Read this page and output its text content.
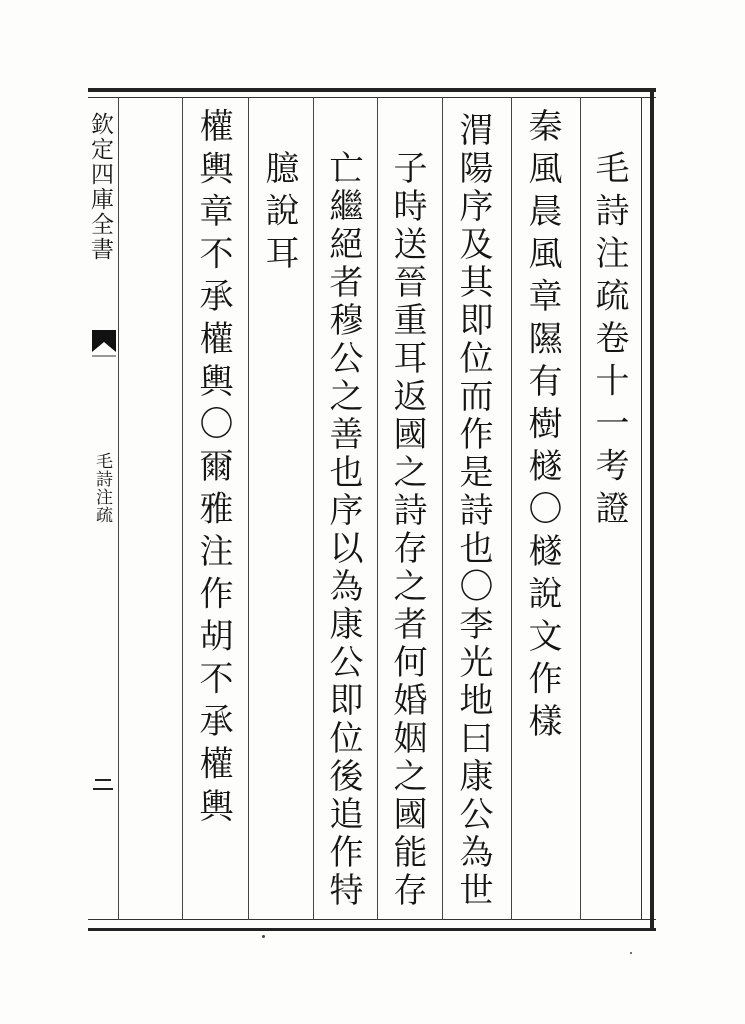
欽定四庫全書
毛詩注疏	毛詩注疏卷十一考證
秦風晨風章隰有樹檖〇檖說文作樣
渭陽序及其即位而作是詩也〇李光地曰康公為世
子時送晉重耳返國之詩存之者何婚姻之國能存
亡繼絕者穆公之善也序以為康公即位後追作特
臆說耳
權輿章不承權輿〇爾雅注作胡不承權輿
